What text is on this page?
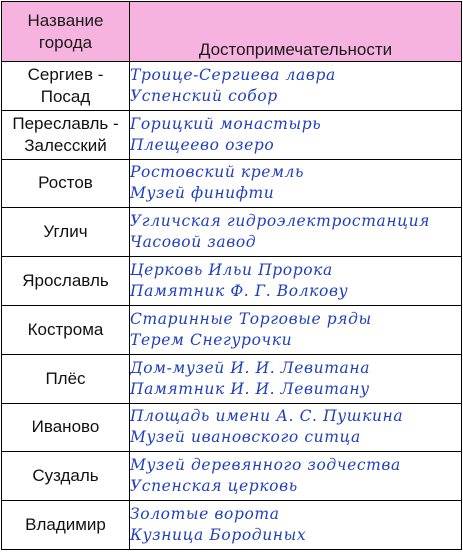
Название города	Достопримечательности
Сергиев - Посад	Троице-Сергиева лавра
Успенский собор

Переславль - Залесский	Горицкий монастырь
Плещеево озеро

Ростов	Ростовский кремль
Музей финифти

Углич	Угличская гидроэлектростанция
Часовой завод

Ярославль	Церковь Ильи Пророка
Памятник Ф. Г. Волкову

Кострома	Старинные Торговые ряды
Терем Снегурочки

Плёс	Дом-музей И. И. Левитана
Памятник И. И. Левитану

Иваново	Площадь имени А. С. Пушкина
Музей ивановского ситца

Суздаль	Музей деревянного зодчества
Успенская церковь

Владимир	Золотые ворота
Кузница Бородиных
